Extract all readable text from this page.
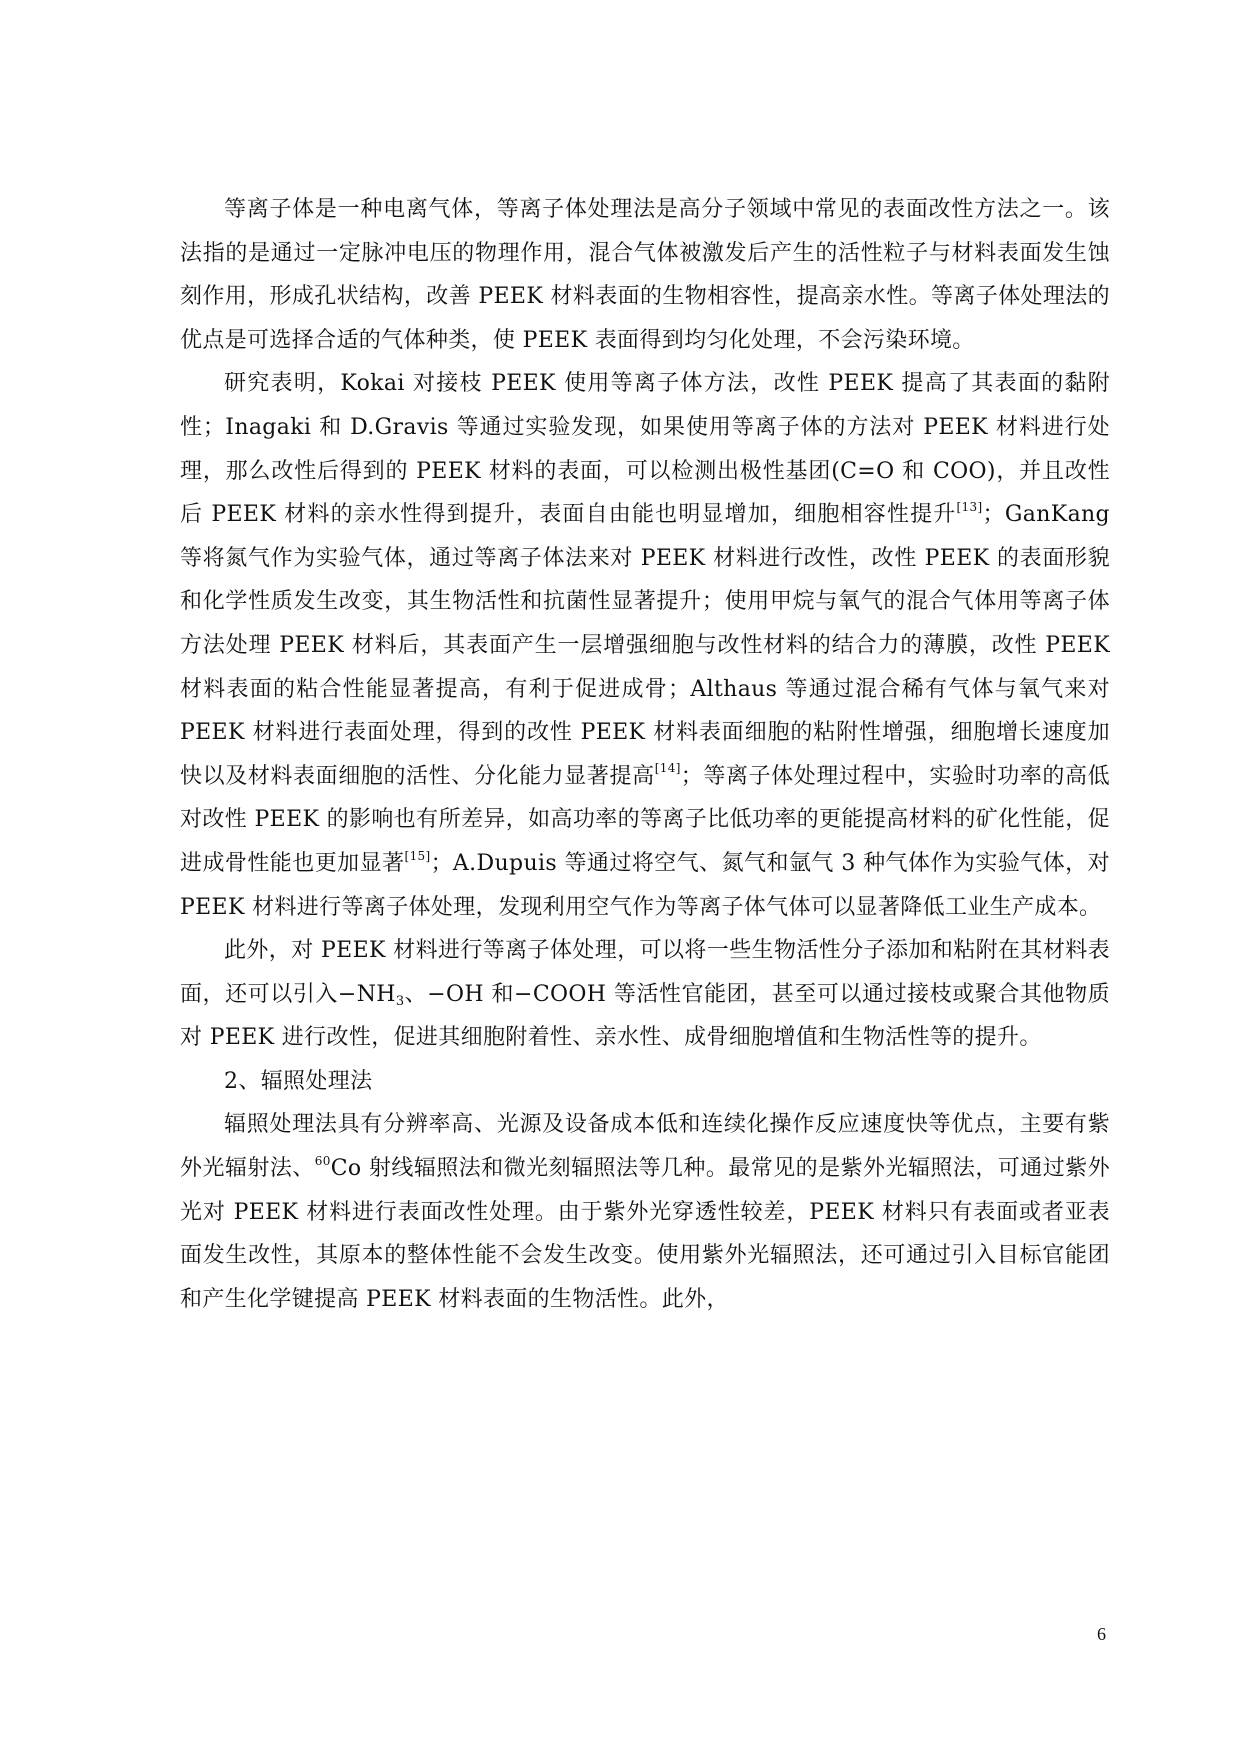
等离子体是一种电离气体，等离子体处理法是高分子领域中常见的表面改性方法之一。该法指的是通过一定脉冲电压的物理作用，混合气体被激发后产生的活性粒子与材料表面发生蚀刻作用，形成孔状结构，改善 PEEK 材料表面的生物相容性，提高亲水性。等离子体处理法的优点是可选择合适的气体种类，使 PEEK 表面得到均匀化处理，不会污染环境。

研究表明，Kokai 对接枝 PEEK 使用等离子体方法，改性 PEEK 提高了其表面的黏附性；Inagaki 和 D.Gravis 等通过实验发现，如果使用等离子体的方法对 PEEK 材料进行处理，那么改性后得到的 PEEK 材料的表面，可以检测出极性基团(C=O 和 COO)，并且改性后 PEEK 材料的亲水性得到提升，表面自由能也明显增加，细胞相容性提升[13]；GanKang 等将氮气作为实验气体，通过等离子体法来对 PEEK 材料进行改性，改性 PEEK 的表面形貌和化学性质发生改变，其生物活性和抗菌性显著提升；使用甲烷与氧气的混合气体用等离子体方法处理 PEEK 材料后，其表面产生一层增强细胞与改性材料的结合力的薄膜，改性 PEEK 材料表面的粘合性能显著提高，有利于促进成骨；Althaus 等通过混合稀有气体与氧气来对 PEEK 材料进行表面处理，得到的改性 PEEK 材料表面细胞的粘附性增强，细胞增长速度加快以及材料表面细胞的活性、分化能力显著提高[14]；等离子体处理过程中，实验时功率的高低对改性 PEEK 的影响也有所差异，如高功率的等离子比低功率的更能提高材料的矿化性能，促进成骨性能也更加显著[15]；A.Dupuis 等通过将空气、氮气和氩气 3 种气体作为实验气体，对 PEEK 材料进行等离子体处理，发现利用空气作为等离子体气体可以显著降低工业生产成本。

此外，对 PEEK 材料进行等离子体处理，可以将一些生物活性分子添加和粘附在其材料表面，还可以引入$-NH_3$、−OH 和−COOH 等活性官能团，甚至可以通过接枝或聚合其他物质对 PEEK 进行改性，促进其细胞附着性、亲水性、成骨细胞增值和生物活性等的提升。

2、辐照处理法

辐照处理法具有分辨率高、光源及设备成本低和连续化操作反应速度快等优点，主要有紫外光辐射法、$^{60}$Co 射线辐照法和微光刻辐照法等几种。最常见的是紫外光辐照法，可通过紫外光对 PEEK 材料进行表面改性处理。由于紫外光穿透性较差，PEEK 材料只有表面或者亚表面发生改性，其原本的整体性能不会发生改变。使用紫外光辐照法，还可通过引入目标官能团和产生化学键提高 PEEK 材料表面的生物活性。此外，

6
